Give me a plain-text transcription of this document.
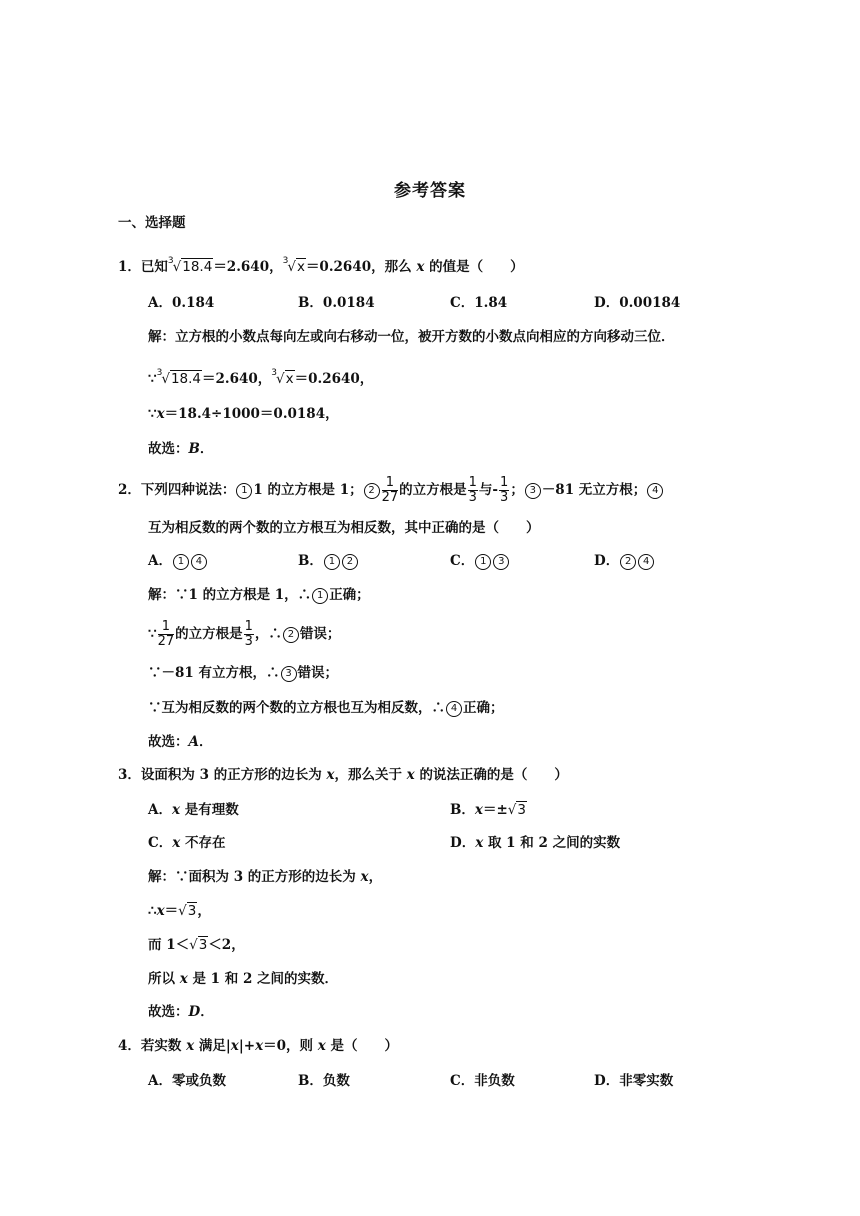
参考答案
一、选择题
1．已知$^3$√18.4＝2.640，$^3$√x＝0.2640，那么 x 的值是（　　）
A．0.184	B．0.0184	C．1.84	D．0.00184
解：立方根的小数点每向左或向右移动一位，被开方数的小数点向相应的方向移动三位．
∵$^3$√18.4＝2.640，$^3$√x＝0.2640，
∵x＝18.4÷1000＝0.0184，
故选：B．
2．下列四种说法： 1 1 的立方根是 1； $2 \frac{1}{27}$ 的立方根是 $\frac{1}{3}$ 与- $\frac{1}{3}$ ； 3 －81 无立方根； 4
互为相反数的两个数的立方根互为相反数，其中正确的是（　　）
A． 1 4	B． 1 2	C． 1 3	D． 2 4
解：∵1 的立方根是 1，∴ 1 正确；
∵ $\frac{1}{27}$ 的立方根是 $\frac{1}{3}$ ，∴ 2 错误；
∵－81 有立方根，∴ 3 错误；
∵互为相反数的两个数的立方根也互为相反数，∴ 4 正确；
故选：A．
3．设面积为 3 的正方形的边长为 x，那么关于 x 的说法正确的是（　　）
A．x 是有理数	B．x＝±√3
C．x 不存在	D．x 取 1 和 2 之间的实数
解：∵面积为 3 的正方形的边长为 x，
∴x＝√3，
而 1＜√3＜2，
所以 x 是 1 和 2 之间的实数．
故选：D．
4．若实数 x 满足|x|+x＝0，则 x 是（　　）
A．零或负数	B．负数	C．非负数	D．非零实数
